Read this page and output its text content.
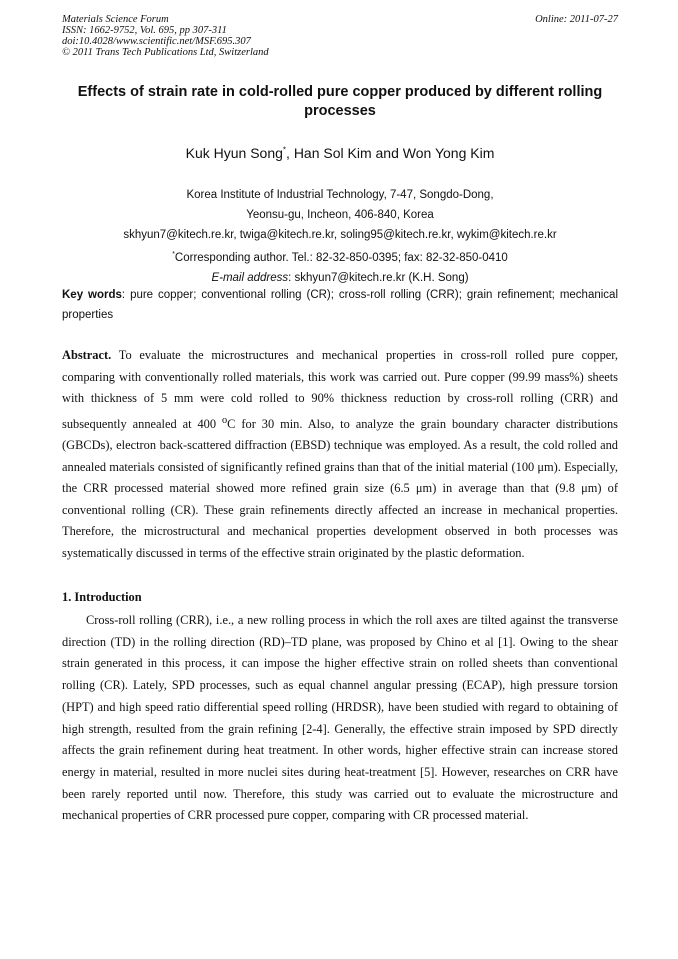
Materials Science Forum
ISSN: 1662-9752, Vol. 695, pp 307-311
doi:10.4028/www.scientific.net/MSF.695.307
© 2011 Trans Tech Publications Ltd, Switzerland
Online: 2011-07-27
Effects of strain rate in cold-rolled pure copper produced by different rolling processes
Kuk Hyun Song*, Han Sol Kim and Won Yong Kim
Korea Institute of Industrial Technology, 7-47, Songdo-Dong,
Yeonsu-gu, Incheon, 406-840, Korea
skhyun7@kitech.re.kr, twiga@kitech.re.kr, soling95@kitech.re.kr, wykim@kitech.re.kr
*Corresponding author. Tel.: 82-32-850-0395; fax: 82-32-850-0410
E-mail address: skhyun7@kitech.re.kr (K.H. Song)
Key words: pure copper; conventional rolling (CR); cross-roll rolling (CRR); grain refinement; mechanical properties
Abstract. To evaluate the microstructures and mechanical properties in cross-roll rolled pure copper, comparing with conventionally rolled materials, this work was carried out. Pure copper (99.99 mass%) sheets with thickness of 5 mm were cold rolled to 90% thickness reduction by cross-roll rolling (CRR) and subsequently annealed at 400 $^o$C for 30 min. Also, to analyze the grain boundary character distributions (GBCDs), electron back-scattered diffraction (EBSD) technique was employed. As a result, the cold rolled and annealed materials consisted of significantly refined grains than that of the initial material (100 μm). Especially, the CRR processed material showed more refined grain size (6.5 μm) in average than that (9.8 μm) of conventional rolling (CR). These grain refinements directly affected an increase in mechanical properties. Therefore, the microstructural and mechanical properties development observed in both processes was systematically discussed in terms of the effective strain originated by the plastic deformation.
1. Introduction
Cross-roll rolling (CRR), i.e., a new rolling process in which the roll axes are tilted against the transverse direction (TD) in the rolling direction (RD)–TD plane, was proposed by Chino et al [1]. Owing to the shear strain generated in this process, it can impose the higher effective strain on rolled sheets than conventional rolling (CR). Lately, SPD processes, such as equal channel angular pressing (ECAP), high pressure torsion (HPT) and high speed ratio differential speed rolling (HRDSR), have been studied with regard to obtaining of high strength, resulted from the grain refining [2-4]. Generally, the effective strain imposed by SPD directly affects the grain refinement during heat treatment. In other words, higher effective strain can increase stored energy in material, resulted in more nuclei sites during heat-treatment [5]. However, researches on CRR have been rarely reported until now. Therefore, this study was carried out to evaluate the microstructure and mechanical properties of CRR processed pure copper, comparing with CR processed material.
